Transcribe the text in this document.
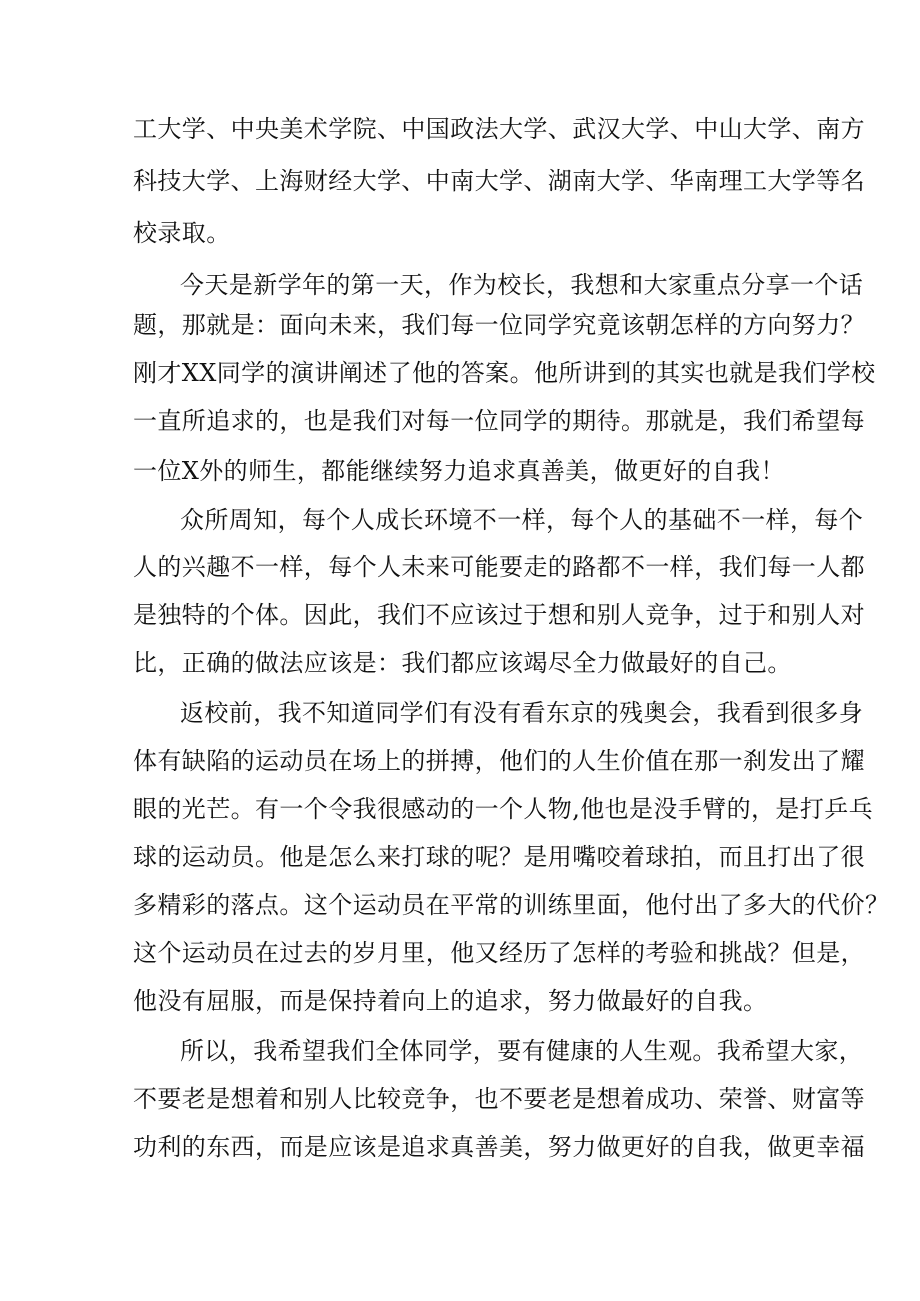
工大学、中央美术学院、中国政法大学、武汉大学、中山大学、南方
科技大学、上海财经大学、中南大学、湖南大学、华南理工大学等名
校录取。
今天是新学年的第一天，作为校长，我想和大家重点分享一个话
题，那就是：面向未来，我们每一位同学究竟该朝怎样的方向努力？
刚才XX同学的演讲阐述了他的答案。他所讲到的其实也就是我们学校
一直所追求的，也是我们对每一位同学的期待。那就是，我们希望每
一位X外的师生，都能继续努力追求真善美，做更好的自我！
众所周知，每个人成长环境不一样，每个人的基础不一样，每个
人的兴趣不一样，每个人未来可能要走的路都不一样，我们每一人都
是独特的个体。因此，我们不应该过于想和别人竞争，过于和别人对
比，正确的做法应该是：我们都应该竭尽全力做最好的自己。
返校前，我不知道同学们有没有看东京的残奥会，我看到很多身
体有缺陷的运动员在场上的拼搏，他们的人生价值在那一刹发出了耀
眼的光芒。有一个令我很感动的一个人物,他也是没手臂的，是打乒乓
球的运动员。他是怎么来打球的呢？是用嘴咬着球拍，而且打出了很
多精彩的落点。这个运动员在平常的训练里面，他付出了多大的代价？
这个运动员在过去的岁月里，他又经历了怎样的考验和挑战？但是，
他没有屈服，而是保持着向上的追求，努力做最好的自我。
所以，我希望我们全体同学，要有健康的人生观。我希望大家，
不要老是想着和别人比较竞争，也不要老是想着成功、荣誉、财富等
功利的东西，而是应该是追求真善美，努力做更好的自我，做更幸福
